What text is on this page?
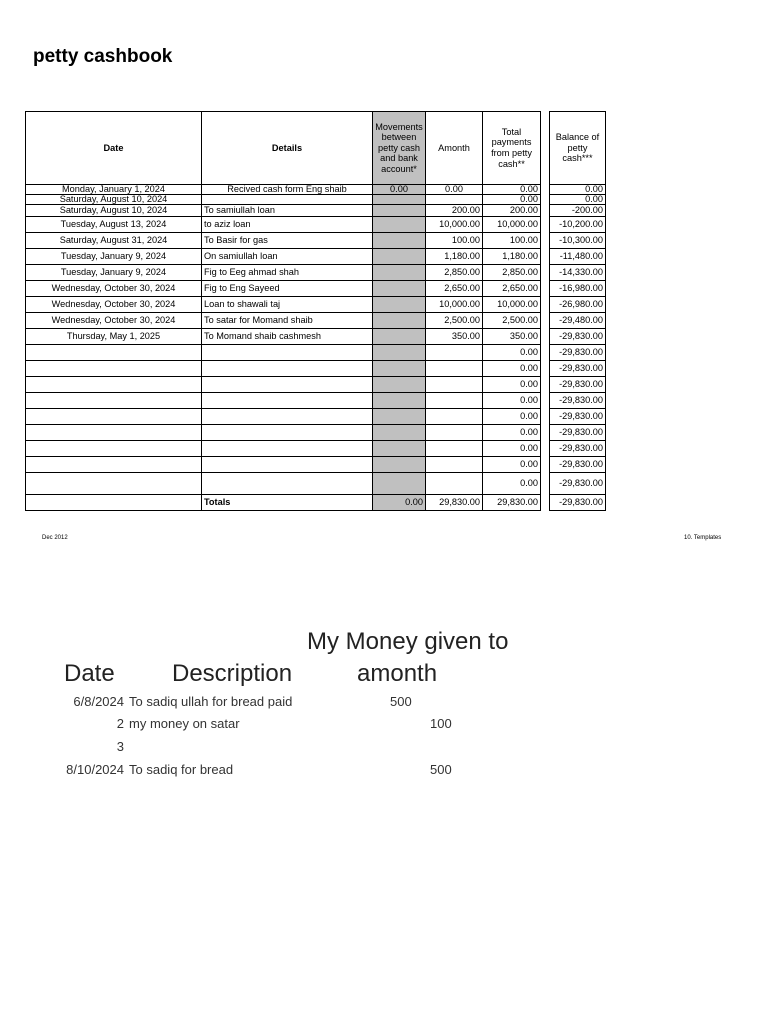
petty cashbook
Date	Details	Movements between petty cash and bank account*	Amonth	Total payments from petty cash**		Balance of petty cash***
Monday, January 1, 2024	Recived cash form Eng shaib	0.00	0.00	0.00		0.00
Saturday, August 10, 2024				0.00		0.00
Saturday, August 10, 2024	To samiullah loan		200.00	200.00		-200.00
Tuesday, August 13, 2024	to aziz loan		10,000.00	10,000.00		-10,200.00
Saturday, August 31, 2024	To Basir for gas		100.00	100.00		-10,300.00
Tuesday, January 9, 2024	On samiullah loan		1,180.00	1,180.00		-11,480.00
Tuesday, January 9, 2024	Fig to Eeg ahmad shah		2,850.00	2,850.00		-14,330.00
Wednesday, October 30, 2024	Fig to Eng Sayeed		2,650.00	2,650.00		-16,980.00
Wednesday, October 30, 2024	Loan to shawali taj		10,000.00	10,000.00		-26,980.00
Wednesday, October 30, 2024	To satar for Momand shaib		2,500.00	2,500.00		-29,480.00
Thursday, May 1, 2025	To Momand shaib cashmesh		350.00	350.00		-29,830.00
				0.00		-29,830.00
				0.00		-29,830.00
				0.00		-29,830.00
				0.00		-29,830.00
				0.00		-29,830.00
				0.00		-29,830.00
				0.00		-29,830.00
				0.00		-29,830.00
				0.00		-29,830.00
	Totals	0.00	29,830.00	29,830.00		-29,830.00
Dec 2012	10. Templates
My Money given to
Date Description	amonth
6/8/2024 To sadiq ullah for bread paid	500
2 my money on satar	100
3
8/10/2024 To sadiq for bread	500
